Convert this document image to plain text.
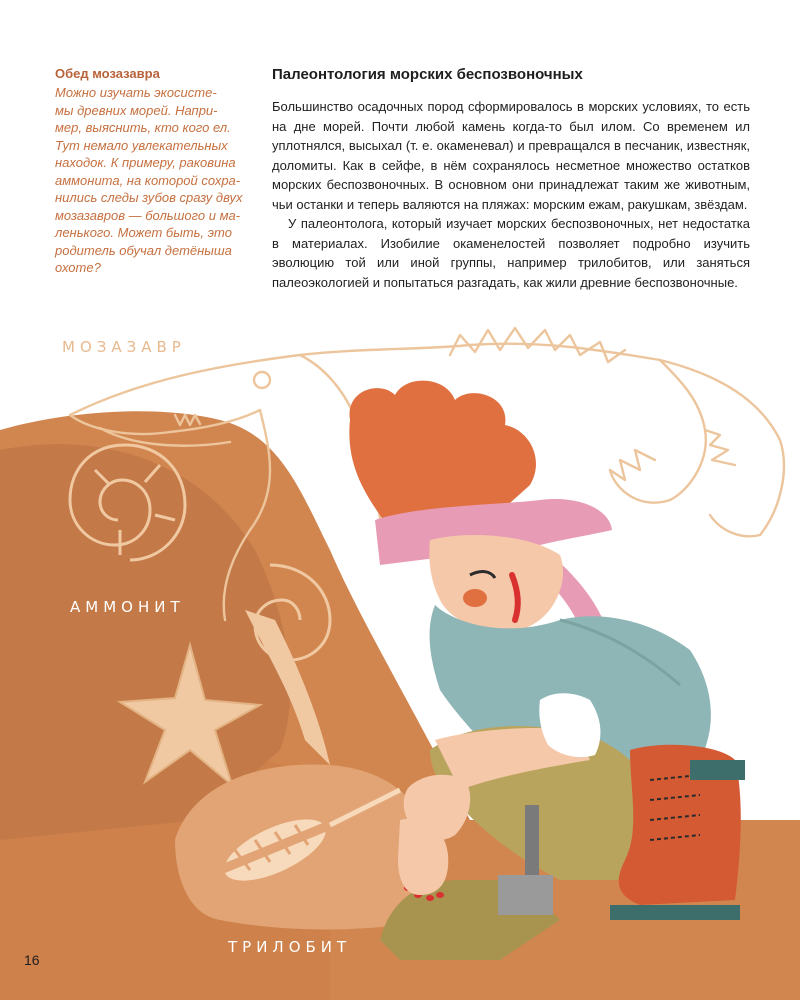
Обед мозазавра
Можно изучать экосисте-
мы древних морей. Напри-
мер, выяснить, кто кого ел.
Тут немало увлекательных
находок. К примеру, раковина
аммонита, на которой сохра-
нились следы зубов сразу двух
мозазавров — большого и ма-
ленького. Может быть, это
родитель обучал детёныша
охоте?
Палеонтология морских беспозвоночных

Большинство осадочных пород сформировалось в морских условиях, то есть на дне морей. Почти любой камень когда-то был илом. Со временем ил уплотнялся, высыхал (т. е. окаменевал) и превращался в песчаник, известняк, доломиты. Как в сейфе, в нём сохранялось несметное множество остатков морских беспозвоночных. В основном они принадлежат таким же животным, чьи останки и теперь валяются на пляжах: морским ежам, ракушкам, звёздам.

У палеонтолога, который изучает морских беспозвоночных, нет недостатка в материалах. Изобилие окаменелостей позволяет подробно изучить эволюцию той или иной группы, например трилобитов, или заняться палеоэкологией и попытаться разгадать, как жили древние беспозвоночные.

МОЗАЗАВР
АММОНИТ
ТРИЛОБИТ
16
